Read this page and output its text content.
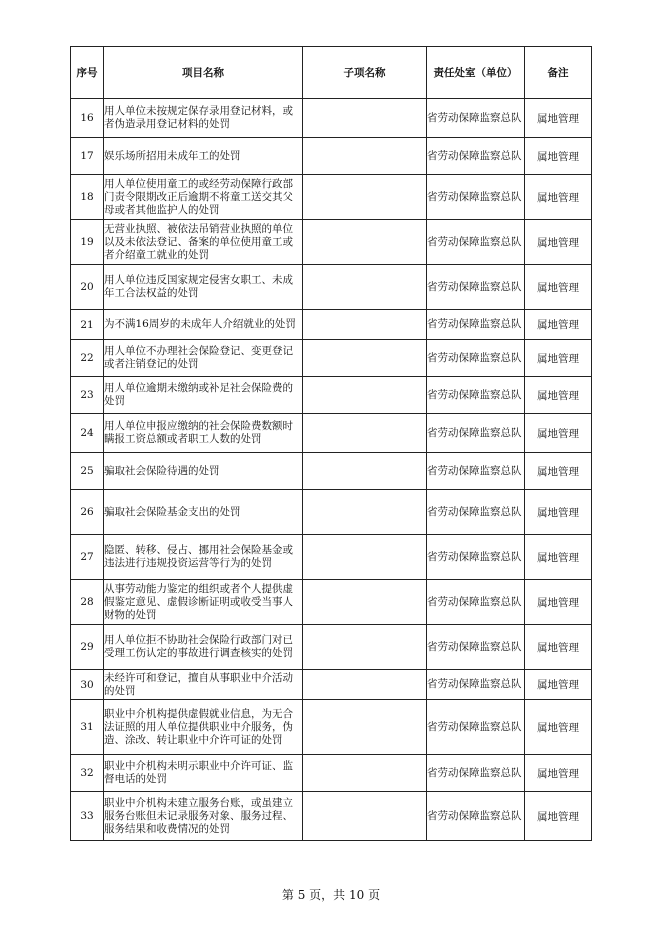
序号	项目名称	子项名称	责任处室（单位）	备注
16	用人单位未按规定保存录用登记材料，或者伪造录用登记材料的处罚		省劳动保障监察总队	属地管理
17	娱乐场所招用未成年工的处罚		省劳动保障监察总队	属地管理
18	用人单位使用童工的或经劳动保障行政部门责令限期改正后逾期不将童工送交其父母或者其他监护人的处罚		省劳动保障监察总队	属地管理
19	无营业执照、被依法吊销营业执照的单位以及未依法登记、备案的单位使用童工或者介绍童工就业的处罚		省劳动保障监察总队	属地管理
20	用人单位违反国家规定侵害女职工、未成年工合法权益的处罚		省劳动保障监察总队	属地管理
21	为不满16周岁的未成年人介绍就业的处罚		省劳动保障监察总队	属地管理
22	用人单位不办理社会保险登记、变更登记或者注销登记的处罚		省劳动保障监察总队	属地管理
23	用人单位逾期未缴纳或补足社会保险费的处罚		省劳动保障监察总队	属地管理
24	用人单位申报应缴纳的社会保险费数额时瞒报工资总额或者职工人数的处罚		省劳动保障监察总队	属地管理
25	骗取社会保险待遇的处罚		省劳动保障监察总队	属地管理
26	骗取社会保险基金支出的处罚		省劳动保障监察总队	属地管理
27	隐匿、转移、侵占、挪用社会保险基金或违法进行违规投资运营等行为的处罚		省劳动保障监察总队	属地管理
28	从事劳动能力鉴定的组织或者个人提供虚假鉴定意见、虚假诊断证明或收受当事人财物的处罚		省劳动保障监察总队	属地管理
29	用人单位拒不协助社会保险行政部门对已受理工伤认定的事故进行调查核实的处罚		省劳动保障监察总队	属地管理
30	未经许可和登记，擅自从事职业中介活动的处罚		省劳动保障监察总队	属地管理
31	职业中介机构提供虚假就业信息，为无合法证照的用人单位提供职业中介服务，伪造、涂改、转让职业中介许可证的处罚		省劳动保障监察总队	属地管理
32	职业中介机构未明示职业中介许可证、监督电话的处罚		省劳动保障监察总队	属地管理
33	职业中介机构未建立服务台账，或虽建立服务台账但未记录服务对象、服务过程、服务结果和收费情况的处罚		省劳动保障监察总队	属地管理
第 5 页，共 10 页
